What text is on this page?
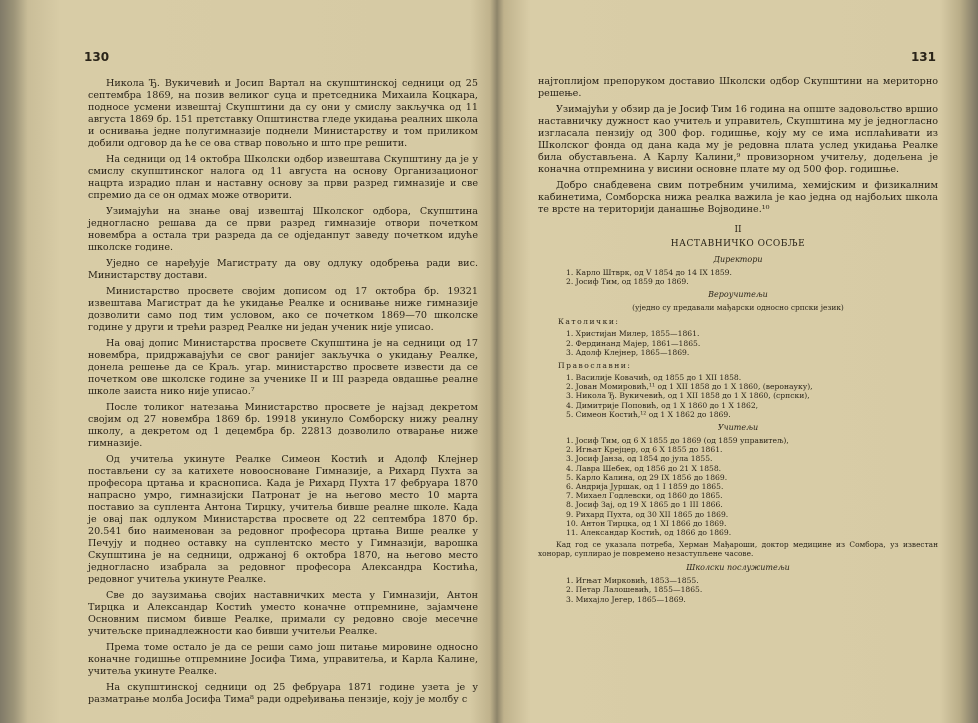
130

Никола Ђ. Вукичевић и Јосип Вартал на скупштинској седници од 25 септембра 1869, на позив великог суца и претседника Михаила Коцкара, подносе усмени извештај Скупштини да су они у смислу закључка од 11 августа 1869 бр. 151 претставку Општинства гледе укидања реалних школа и оснивања једне полугимназије поднели Министарству и том приликом добили одговор да ће се ова ствар повољно и што пре решити.

На седници од 14 октобра Школски одбор извештава Скупштину да је у смислу скупштинског налога од 11 августа на основу Организационог нацрта израдио план и наставну основу за први разред гимназије и све спремио да се он одмах може отворити.

Узимајући на знање овај извештај Школског одбора, Скупштина једногласно решава да се први разред гимназије отвори почетком новембра а остала три разреда да се одједанпут заведу почетком идуће школске године.

Уједно се наређује Магистрату да ову одлуку одобрења ради вис. Министарству достави.

Министарство просвете својим дописом од 17 октобра бр. 19321 извештава Магистрат да ће укидање Реалке и оснивање ниже гимназије дозволити само под тим условом, ако се почетком 1869—70 школске године у други и трећи разред Реалке ни један ученик није уписао.

На овај допис Министарства просвете Скупштина је на седници од 17 новембра, придржавајући се свог ранијег закључка о укидању Реалке, донела решење да се Краљ. угар. министарство просвете извести да се почетком ове школске године за ученике II и III разреда овдашње реалне школе заиста нико није уписао.⁷

После толиког натезања Министарство просвете је најзад декретом својим од 27 новембра 1869 бр. 19918 укинуло Сомборску нижу реалну школу, а декретом од 1 децембра бр. 22813 дозволило отварање ниже гимназије.

Од учитеља укинуте Реалке Симеон Костић и Адолф Клејнер постављени су за катихете новоосноване Гимназије, а Рихард Пухта за професора цртања и краснописа. Када је Рихард Пухта 17 фебруара 1870 нaпрасно умро, гимназијски Патронат је на његово место 10 марта поставио за суплента Антона Тирцку, учитеља бивше реалне школе. Када је овај пак одлуком Министарства просвете од 22 септембра 1870 бр. 20.541 био наименован за редовног професора цртања Више реалке у Печују и поднео оставку на суплентско место у Гимназији, варошка Скупштина је на седници, одржаној 6 октобра 1870, на његово место једногласно изабрала за редовног професора Александра Костића, редовног учитеља укинуте Реалке.

Све до заузимања својих наставничких места у Гимназији, Антон Тирцка и Александар Костић уместо коначне отпремнине, зајамчене Основним писмом бивше Реалке, примали су редовно своје месечне учитељске принадлежности као бивши учитељи Реалке.

Према томе остало је да се реши само још питање мировине односно коначне годишње отпремнине Јосифа Тима, управитеља, и Карла Калине, учитеља укинуте Реалке.

На скупштинској седници од 25 фебруара 1871 године узета је у разматрање молба Јосифа Тима⁸ ради одређивања пензије, коју је молбу с

131

најтоплијом препоруком доставио Школски одбор Скупштини на мериторно решење.

Узимајући у обзир да је Јосиф Тим 16 година на опште задовољство вршио наставничку дужност као учитељ и управитељ, Скупштина му је једногласно изгласала пензију од 300 фор. годишње, коју му се има исплаћивати из Школског фонда од дана када му је редовна плата услед укидања Реалке била обустављена. А Карлу Калини,⁹ провизорном учитељу, додељена је коначна отпремнина у висини основне плате му од 500 фор. годишње.

Добро снабдевена свим потребним училима, хемијским и физикалним кабинетима, Сомборска нижа реалка важила је као једна од најбољих школа те врсте на територији данашње Војводине.¹⁰

II
НАСТАВНИЧКО ОСОБЉЕ
Директори
1. Карло Штврк, од V 1854 до 14 IX 1859.
2. Јосиф Тим, од 1859 до 1869.
Вероучитељи
(уједно су предавали мађарски односно српски језик)
Католички:
1. Христијан Милер, 1855—1861.
2. Фердинанд Мајер, 1861—1865.
3. Адолф Клејнер, 1865—1869.
Православни:
1. Василије Ковачић, од 1855 до 1 XII 1858.
2. Јован Момировић,¹¹ од 1 XII 1858 до 1 X 1860, (веронауку),
3. Никола Ђ. Вукичевић, од 1 XII 1858 до 1 X 1860, (српски),
4. Димитрије Поповић, од 1 X 1860 до 1 X 1862,
5. Симеон Костић,¹² од 1 X 1862 до 1869.
Учитељи
1. Јосиф Тим, од 6 X 1855 до 1869 (од 1859 управитељ),
2. Игњат Крејцер, од 6 X 1855 до 1861.
3. Јосиф Јанза, од 1854 до јула 1855.
4. Лавра Шебек, од 1856 до 21 X 1858.
5. Карло Калина, од 29 IX 1856 до 1869.
6. Андрија Јуршак, од 1 I 1859 до 1865.
7. Михаел Годлевски, од 1860 до 1865.
8. Јосиф Зај, од 19 X 1865 до 1 III 1866.
9. Рихард Пухта, од 30 XII 1865 до 1869.
10. Антон Тирцка, од 1 XI 1866 до 1869.
11. Александар Костић, од 1866 до 1869.

Кад год се указала потреба, Херман Мађароши, доктор медицине из Сомбора, уз известан хонорар, суплирао је повремено незаступљене часове.

Школски послужитељи
1. Игњат Мирковић, 1853—1855.
2. Петар Лалошевић, 1855—1865.
3. Михајло Јегер, 1865—1869.
